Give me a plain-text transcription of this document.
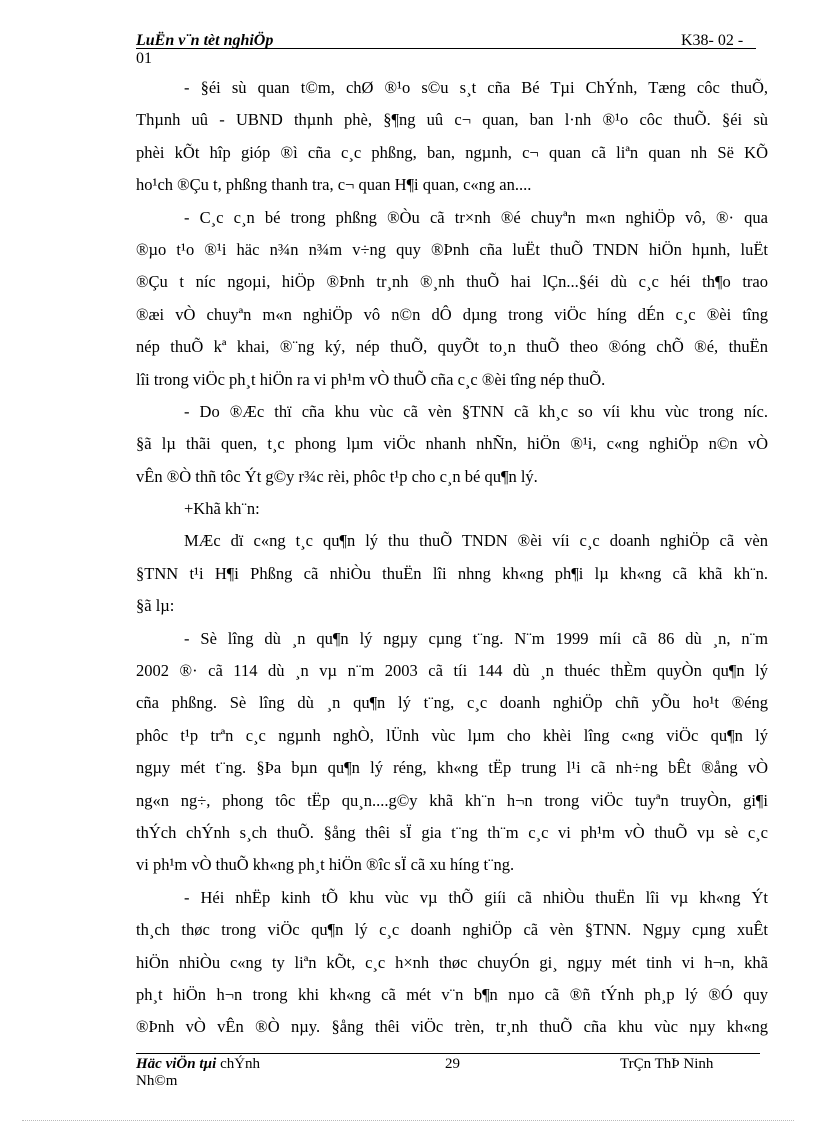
LuËn v¨n tèt nghiÖp	K38- 02 -
01
- §éi sù quan t©m, chØ ®¹o s©u s¸t cña Bé Tµi ChÝnh, Tæng côc thuÕ,
Thµnh uû - UBND thµnh phè, §¶ng uû c¬ quan, ban l·nh ®¹o côc thuÕ. §éi sù
phèi kÕt hîp gióp ®ì cña c¸c phßng, ban, ngµnh, c¬ quan cã liªn quan nh Së KÕ
ho¹ch ®Çu t, phßng thanh tra, c¬ quan H¶i quan, c«ng an....
- C¸c c¸n bé trong phßng ®Òu cã tr×nh ®é chuyªn m«n nghiÖp vô, ®· qua
®µo t¹o ®¹i häc n¾n n¾m v÷ng quy ®Þnh cña luËt thuÕ TNDN hiÖn hµnh, luËt
®Çu t níc ngoµi, hiÖp ®Þnh tr¸nh ®¸nh thuÕ hai lÇn...§éi dù c¸c héi th¶o trao
®æi vÒ chuyªn m«n nghiÖp vô n©n dÔ dµng trong viÖc híng dÉn c¸c ®èi tîng
nép thuÕ kª khai, ®¨ng ký, nép thuÕ, quyÕt to¸n thuÕ theo ®óng chÕ ®é, thuËn
lîi trong viÖc ph¸t hiÖn ra vi ph¹m vÒ thuÕ cña c¸c ®èi tîng nép thuÕ.
- Do ®Æc thï cña khu vùc cã vèn §TNN cã kh¸c so víi khu vùc trong níc.
§ã lµ thãi quen, t¸c phong lµm viÖc nhanh nhÑn, hiÖn ®¹i, c«ng nghiÖp n©n vÒ
vÊn ®Ò thñ tôc Ýt g©y r¾c rèi, phôc t¹p cho c¸n bé qu¶n lý.
+Khã kh¨n:
MÆc dï c«ng t¸c qu¶n lý thu thuÕ TNDN ®èi víi c¸c doanh nghiÖp cã vèn
§TNN t¹i H¶i Phßng cã nhiÒu thuËn lîi nhng kh«ng ph¶i lµ kh«ng cã khã kh¨n.
§ã lµ:
- Sè lîng dù ¸n qu¶n lý ngµy cµng t¨ng. N¨m 1999 míi cã 86 dù ¸n, n¨m
2002 ®· cã 114 dù ¸n vµ n¨m 2003 cã tíi 144 dù ¸n thuéc thÈm quyÒn qu¶n lý
cña phßng. Sè lîng dù ¸n qu¶n lý t¨ng, c¸c doanh nghiÖp chñ yÕu ho¹t ®éng
phôc t¹p trªn c¸c ngµnh nghÒ, lÜnh vùc lµm cho khèi lîng c«ng viÖc qu¶n lý
ngµy mét t¨ng. §Þa bµn qu¶n lý réng, kh«ng tËp trung l¹i cã nh÷ng bÊt ®ång vÒ
ng«n ng÷, phong tôc tËp qu¸n....g©y khã kh¨n h¬n trong viÖc tuyªn truyÒn, gi¶i
thÝch chÝnh s¸ch thuÕ. §ång thêi sÏ gia t¨ng th¨m c¸c vi ph¹m vÒ thuÕ vµ sè c¸c
vi ph¹m vÒ thuÕ kh«ng ph¸t hiÖn ®îc sÏ cã xu híng t¨ng.
- Héi nhËp kinh tÕ khu vùc vµ thÕ giíi cã nhiÒu thuËn lîi vµ kh«ng Ýt
th¸ch thøc trong viÖc qu¶n lý c¸c doanh nghiÖp cã vèn §TNN. Ngµy cµng xuÊt
hiÖn nhiÒu c«ng ty liªn kÕt, c¸c h×nh thøc chuyÓn gi¸ ngµy mét tinh vi h¬n, khã
ph¸t hiÖn h¬n trong khi kh«ng cã mét v¨n b¶n nµo cã ®ñ tÝnh ph¸p lý ®Ó quy
®Þnh vÒ vÊn ®Ò nµy. §ång thêi viÖc trèn, tr¸nh thuÕ cña khu vùc nµy kh«ng
Häc viÖn tµi chÝnh
Nh©m
29	TrÇn ThÞ Ninh
